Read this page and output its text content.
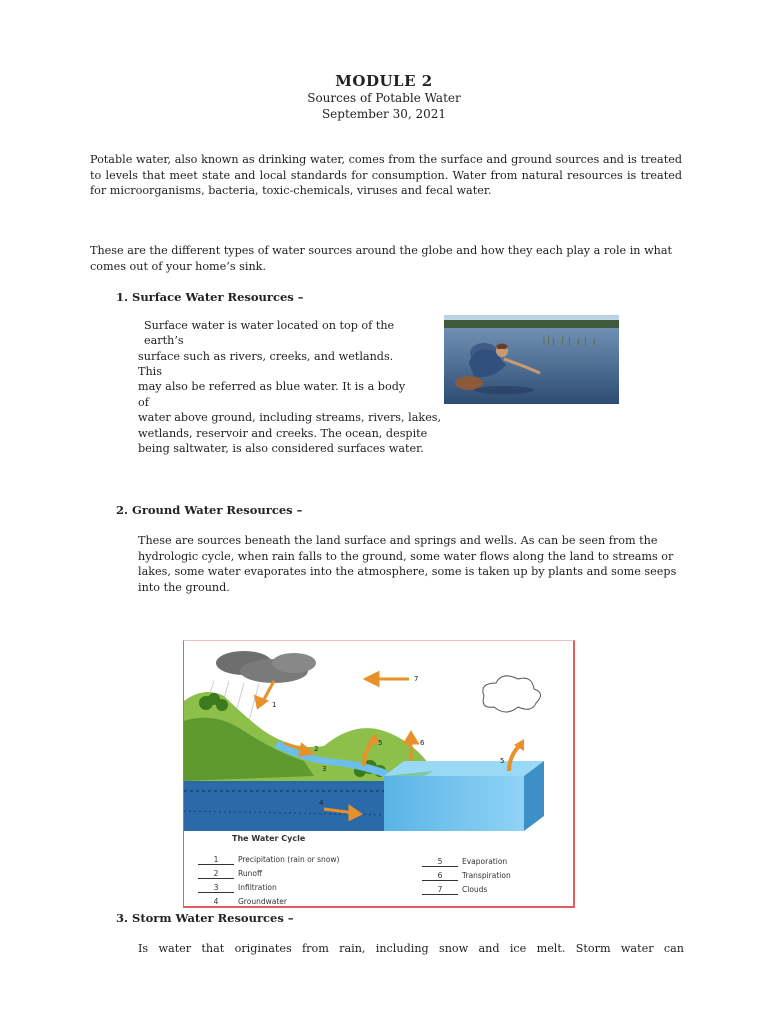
MODULE 2
Sources of Potable Water
September 30, 2021
Potable water, also known as drinking water, comes from the surface and ground sources and is treated to levels that meet state and local standards for consumption. Water from natural resources is treated for microorganisms, bacteria, toxic-chemicals, viruses and fecal water.
These are the different types of water sources around the globe and how they each play a role in what comes out of your home’s sink.
1. Surface Water Resources –
Surface water is water located on top of the
earth’s
surface such as rivers, creeks, and wetlands.
This
may also be referred as blue water. It is a body
of
water above ground, including streams, rivers, lakes,
wetlands, reservoir and creeks. The ocean, despite
being saltwater, is also considered surfaces water.
2. Ground Water Resources –
These are sources beneath the land surface and springs and wells. As can be seen from the hydrologic cycle, when rain falls to the ground, some water flows along the land to streams or lakes, some water evaporates into the atmosphere, some is taken up by plants and some seeps into the ground.
1
2
3
4
5
5
6
7
The Water Cycle
1	Precipitation (rain or snow)
2	Runoff
3	Infiltration
4	Groundwater
5	Evaporation
6	Transpiration
7	Clouds
3. Storm Water Resources –
Is water that originates from rain, including snow and ice melt. Storm water can
